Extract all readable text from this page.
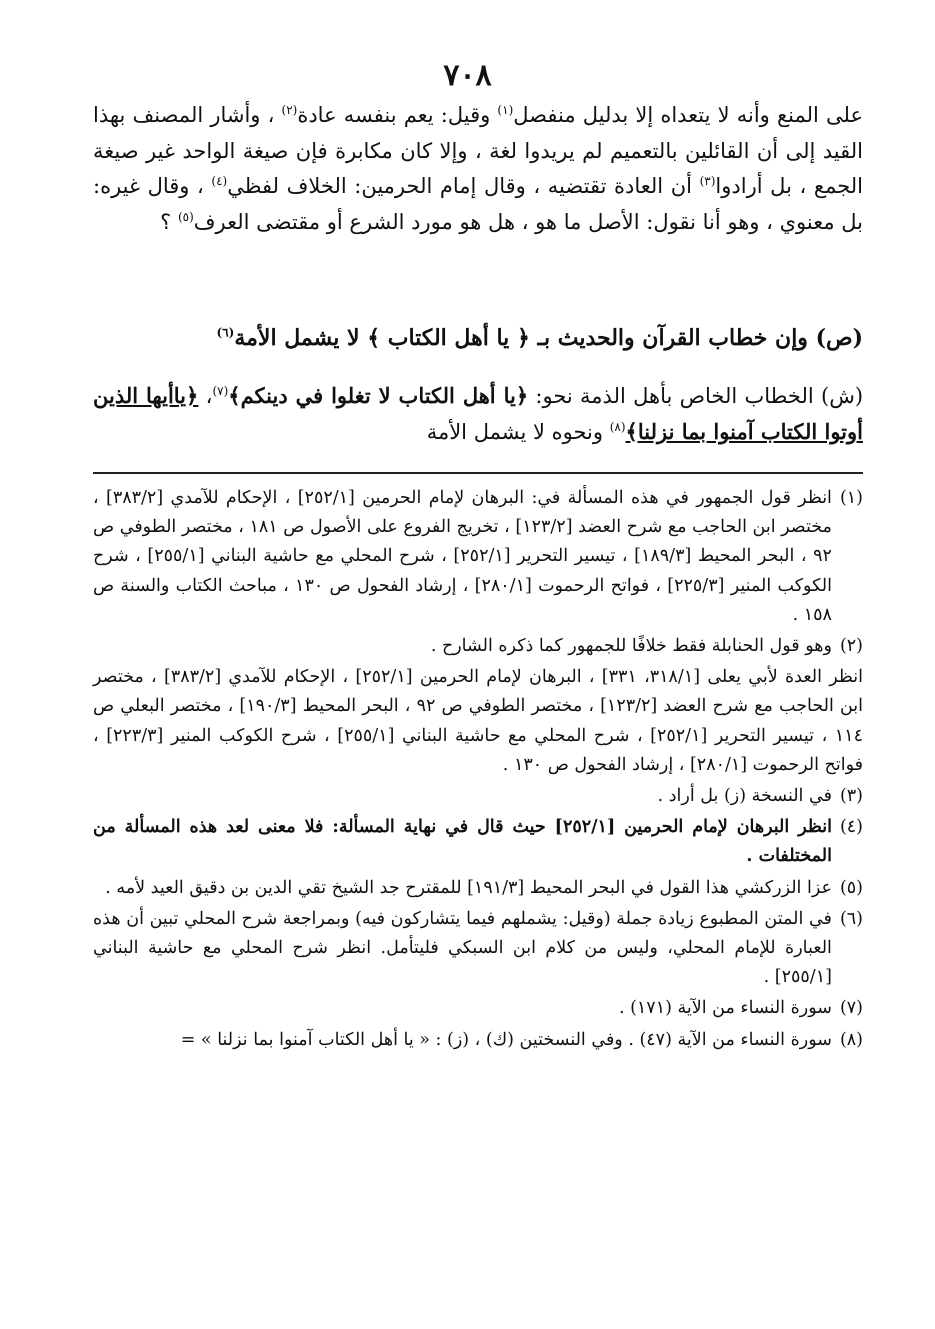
٧٠٨

على المنع وأنه لا يتعداه إلا بدليل منفصل$^{(١)}$ وقيل: يعم بنفسه عادة$^{(٢)}$ ، وأشار المصنف بهذا القيد إلى أن القائلين بالتعميم لم يريدوا لغة ، وإلا كان مكابرة فإن صيغة الواحد غير صيغة الجمع ، بل أرادوا$^{(٣)}$ أن العادة تقتضيه ، وقال إمام الحرمين: الخلاف لفظي$^{(٤)}$ ، وقال غيره: بل معنوي ، وهو أنا نقول: الأصل ما هو ، هل هو مورد الشرع أو مقتضى العرف$^{(٥)}$ ؟

(ص) وإن خطاب القرآن والحديث بـ ﴿ يا أهل الكتاب ﴾ لا يشمل الأمة$^{(٦)}$

(ش) الخطاب الخاص بأهل الذمة نحو: ﴿يا أهل الكتاب لا تغلوا في دينكم﴾$^{(٧)}$، ﴿ياأيها الذين أوتوا الكتاب آمنوا بما نزلنا﴾$^{(٨)}$ ونحوه لا يشمل الأمة

(١)
انظر قول الجمهور في هذه المسألة في: البرهان لإمام الحرمين [٢٥٢/١] ، الإحكام للآمدي [٣٨٣/٢] ، مختصر ابن الحاجب مع شرح العضد [١٢٣/٢] ، تخريج الفروع على الأصول ص ١٨١ ، مختصر الطوفي ص ٩٢ ، البحر المحيط [١٨٩/٣] ، تيسير التحرير [٢٥٢/١] ، شرح المحلي مع حاشية البناني [٢٥٥/١] ، شرح الكوكب المنير [٢٢٥/٣] ، فواتح الرحموت [٢٨٠/١] ، إرشاد الفحول ص ١٣٠ ، مباحث الكتاب والسنة ص ١٥٨ .
(٢)
وهو قول الحنابلة فقط خلافًا للجمهور كما ذكره الشارح .
انظر العدة لأبي يعلى [٣١٨/١، ٣٣١] ، البرهان لإمام الحرمين [٢٥٢/١] ، الإحكام للآمدي [٣٨٣/٢] ، مختصر ابن الحاجب مع شرح العضد [١٢٣/٢] ، مختصر الطوفي ص ٩٢ ، البحر المحيط [١٩٠/٣] ، مختصر البعلي ص ١١٤ ، تيسير التحرير [٢٥٢/١] ، شرح المحلي مع حاشية البناني [٢٥٥/١] ، شرح الكوكب المنير [٢٢٣/٣] ، فواتح الرحموت [٢٨٠/١] ، إرشاد الفحول ص ١٣٠ .
(٣)
في النسخة (ز) بل أراد .
(٤)
انظر البرهان لإمام الحرمين [٢٥٢/١] حيث قال في نهاية المسألة: فلا معنى لعد هذه المسألة من المختلفات .
(٥)
عزا الزركشي هذا القول في البحر المحيط [١٩١/٣] للمقترح جد الشيخ تقي الدين بن دقيق العيد لأمه .
(٦)
في المتن المطبوع زيادة جملة (وقيل: يشملهم فيما يتشاركون فيه) وبمراجعة شرح المحلي تبين أن هذه العبارة للإمام المحلي، وليس من كلام ابن السبكي فليتأمل. انظر شرح المحلي مع حاشية البناني [٢٥٥/١] .
(٧)
سورة النساء من الآية (١٧١) .
(٨)
سورة النساء من الآية (٤٧) . وفي النسختين (ك) ، (ز) : « يا أهل الكتاب آمنوا بما نزلنا » =
